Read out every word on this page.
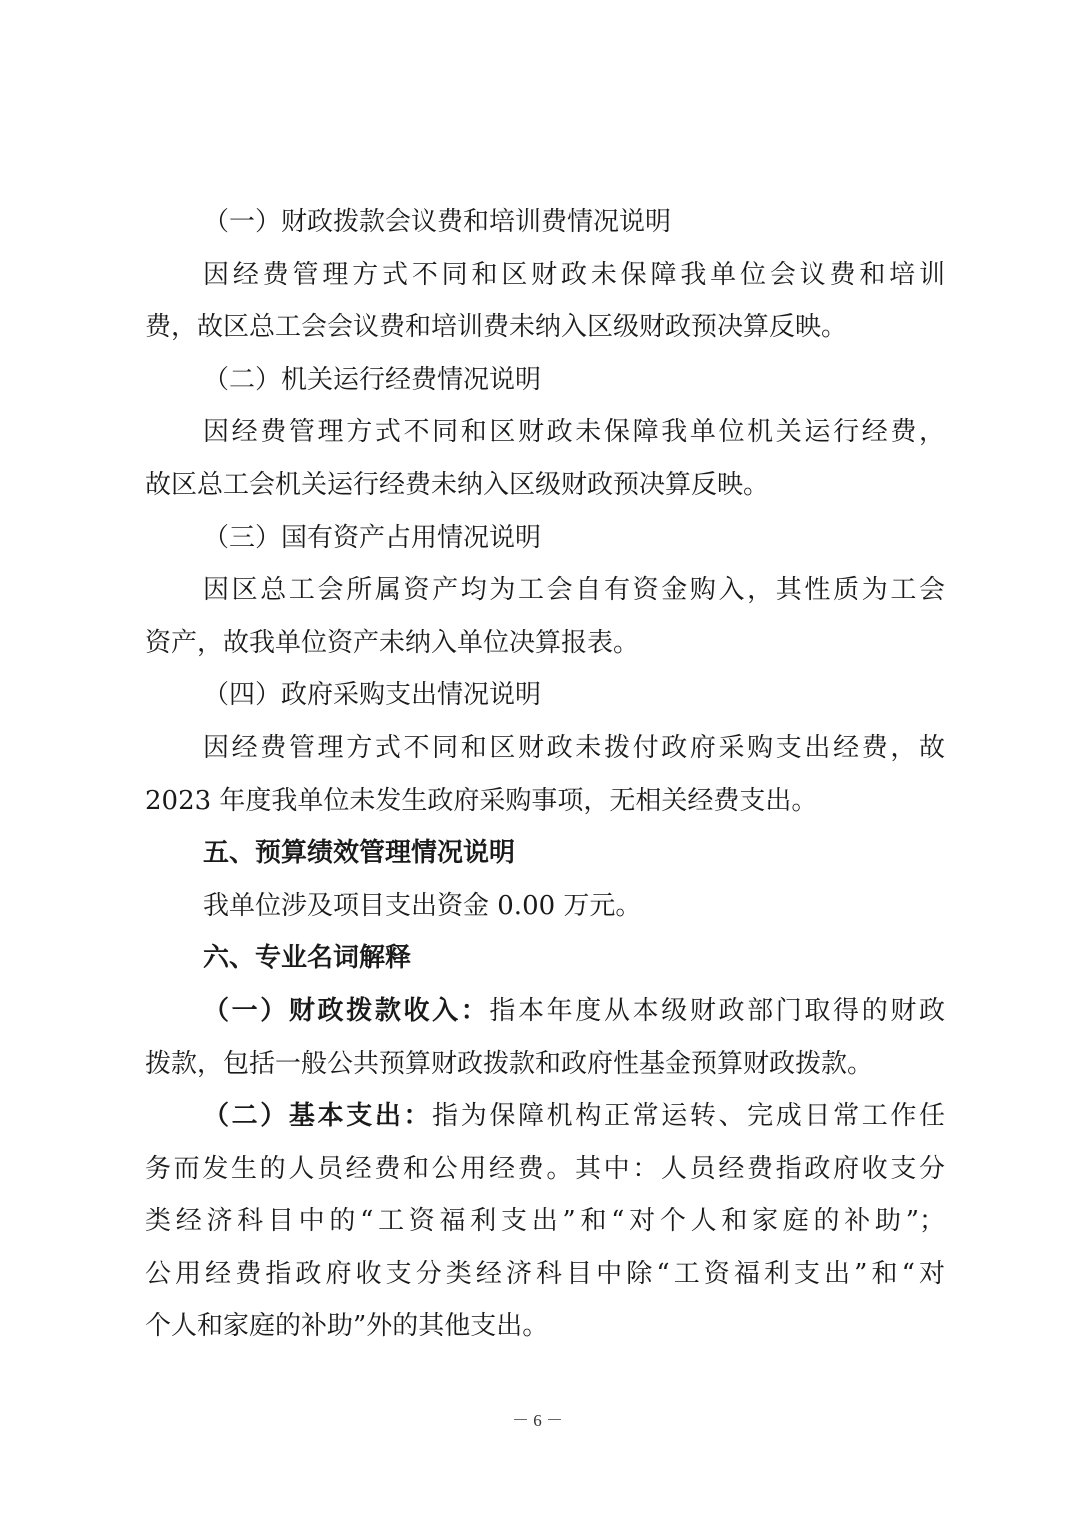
（一）财政拨款会议费和培训费情况说明
因经费管理方式不同和区财政未保障我单位会议费和培训
费，故区总工会会议费和培训费未纳入区级财政预决算反映。
（二）机关运行经费情况说明
因经费管理方式不同和区财政未保障我单位机关运行经费，
故区总工会机关运行经费未纳入区级财政预决算反映。
（三）国有资产占用情况说明
因区总工会所属资产均为工会自有资金购入，其性质为工会
资产，故我单位资产未纳入单位决算报表。
（四）政府采购支出情况说明
因经费管理方式不同和区财政未拨付政府采购支出经费，故
2023 年度我单位未发生政府采购事项，无相关经费支出。
五、预算绩效管理情况说明
我单位涉及项目支出资金 0.00 万元。
六、专业名词解释
（一）财政拨款收入：指本年度从本级财政部门取得的财政
拨款，包括一般公共预算财政拨款和政府性基金预算财政拨款。
（二）基本支出：指为保障机构正常运转、完成日常工作任
务而发生的人员经费和公用经费。其中：人员经费指政府收支分
类经济科目中的“工资福利支出”和“对个人和家庭的补助”；
公用经费指政府收支分类经济科目中除“工资福利支出”和“对
个人和家庭的补助”外的其他支出。
－ 6 －
